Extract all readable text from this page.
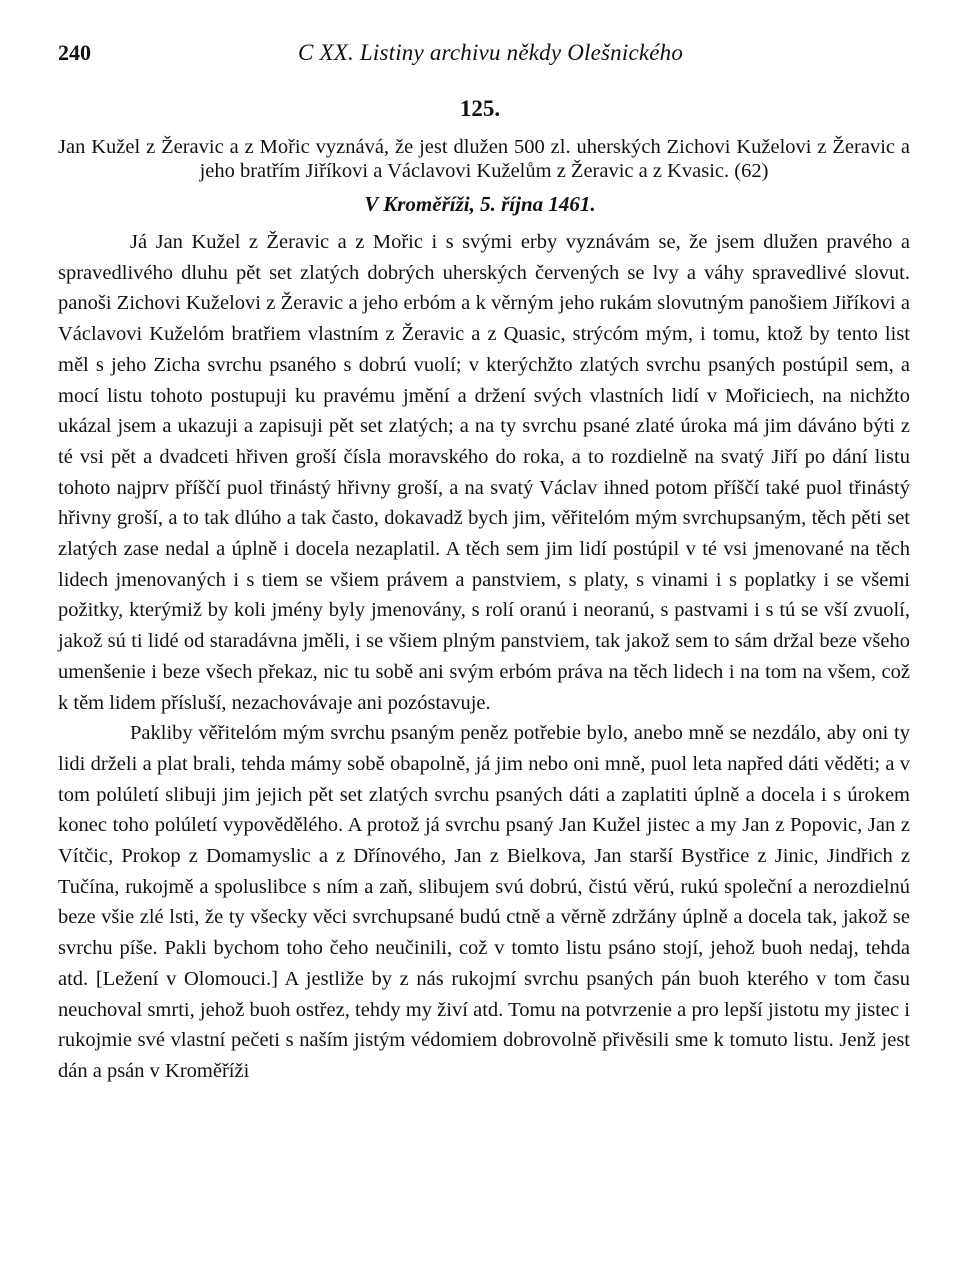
240	C XX. Listiny archivu někdy Olešnického
125.
Jan Kužel z Žeravic a z Mořic vyznává, že jest dlužen 500 zl. uherských Zichovi Kuželovi z Žeravic a jeho bratřím Jiříkovi a Václavovi Kuželům z Žeravic a z Kvasic. (62)
V Kroměříži, 5. října 1461.

Já Jan Kužel z Žeravic a z Mořic i s svými erby vyznávám se, že jsem dlužen pravého a spravedlivého dluhu pět set zlatých dobrých uherských červených se lvy a váhy spravedlivé slovut. panoši Zichovi Kuželovi z Žeravic a jeho erbóm a k věrným jeho rukám slovutným panošiem Jiříkovi a Václavovi Kuželóm bratřiem vlastním z Žeravic a z Quasic, strýcóm mým, i tomu, ktož by tento list měl s jeho Zicha svrchu psaného s dobrú vuolí; v kterýchžto zlatých svrchu psaných postúpil sem, a mocí listu tohoto postupuji ku pravému jmění a držení svých vlastních lidí v Mořiciech, na nichžto ukázal jsem a ukazuji a zapisuji pět set zlatých; a na ty svrchu psané zlaté úroka má jim dáváno býti z té vsi pět a dvadceti hřiven groší čísla moravského do roka, a to rozdielně na svatý Jiří po dání listu tohoto najprv příščí puol třinástý hřivny groší, a na svatý Václav ihned potom příščí také puol třinástý hřivny groší, a to tak dlúho a tak často, dokavadž bych jim, věřitelóm mým svrchupsaným, těch pěti set zlatých zase nedal a úplně i docela nezaplatil. A těch sem jim lidí postúpil v té vsi jmenované na těch lidech jmenovaných i s tiem se všiem právem a panstviem, s platy, s vinami i s poplatky i se všemi požitky, kterýmiž by koli jmény byly jmenovány, s rolí oranú i neoranú, s pastvami i s tú se vší zvuolí, jakož sú ti lidé od staradávna jměli, i se všiem plným panstviem, tak jakož sem to sám držal beze všeho umenšenie i beze všech překaz, nic tu sobě ani svým erbóm práva na těch lidech i na tom na všem, což k těm lidem přísluší, nezachovávaje ani pozóstavuje.

Pakliby věřitelóm mým svrchu psaným peněz potřebie bylo, anebo mně se nezdálo, aby oni ty lidi drželi a plat brali, tehda mámy sobě obapolně, já jim nebo oni mně, puol leta napřed dáti věděti; a v tom polúletí slibuji jim jejich pět set zlatých svrchu psaných dáti a zaplatiti úplně a docela i s úrokem konec toho polúletí vypovědělého. A protož já svrchu psaný Jan Kužel jistec a my Jan z Popovic, Jan z Vítčic, Prokop z Domamyslic a z Dřínového, Jan z Bielkova, Jan starší Bystřice z Jinic, Jindřich z Tučína, rukojmě a spoluslibce s ním a zaň, slibujem svú dobrú, čistú věrú, rukú společní a nerozdielnú beze všie zlé lsti, že ty všecky věci svrchupsané budú ctně a věrně zdržány úplně a docela tak, jakož se svrchu píše. Pakli bychom toho čeho neučinili, což v tomto listu psáno stojí, jehož buoh nedaj, tehda atd. [Ležení v Olomouci.] A jestliže by z nás rukojmí svrchu psaných pán buoh kterého v tom času neuchoval smrti, jehož buoh ostřez, tehdy my živí atd. Tomu na potvrzenie a pro lepší jistotu my jistec i rukojmie své vlastní pečeti s naším jistým védomiem dobrovolně přivěsili sme k tomuto listu. Jenž jest dán a psán v Kroměříži
